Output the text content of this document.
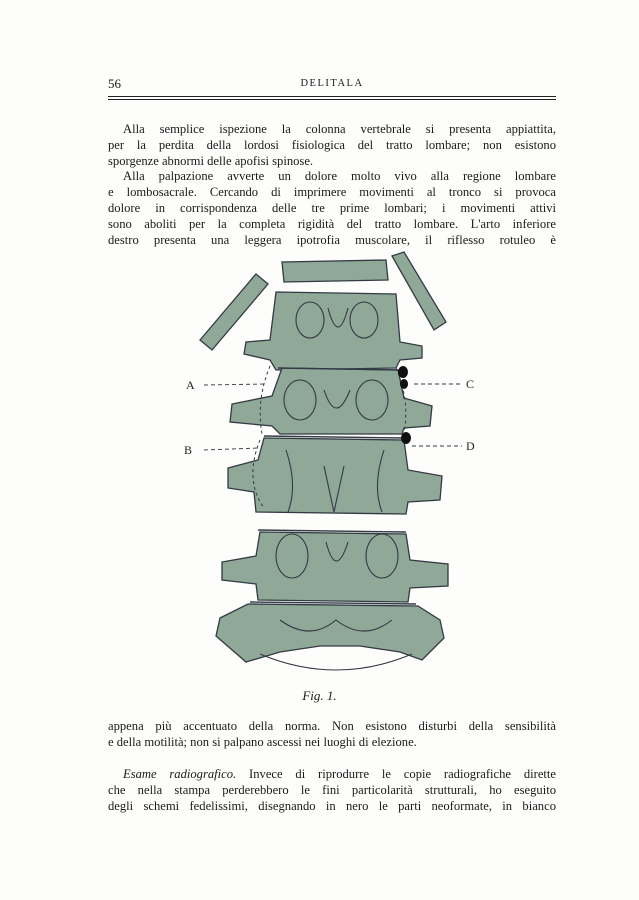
56	DELITALA

Alla semplice ispezione la colonna vertebrale si presenta appiattita,
per la perdita della lordosi fisiologica del tratto lombare; non esistono
sporgenze abnormi delle apofisi spinose.

Alla palpazione avverte un dolore molto vivo alla regione lombare
e lombosacrale. Cercando di imprimere movimenti al tronco si provoca
dolore in corrispondenza delle tre prime lombari; i movimenti attivi
sono aboliti per la completa rigidità del tratto lombare. L'arto inferiore
destro presenta una leggera ipotrofia muscolare, il riflesso rotuleo è

A
B
C
D
Fig. 1.

appena più accentuato della norma. Non esistono disturbi della sensibilità
e della motilità; non si palpano ascessi nei luoghi di elezione.

Esame radiografico. Invece di riprodurre le copie radiografiche dirette
che nella stampa perderebbero le fini particolarità strutturali, ho eseguito
degli schemi fedelissimi, disegnando in nero le parti neoformate, in bianco
